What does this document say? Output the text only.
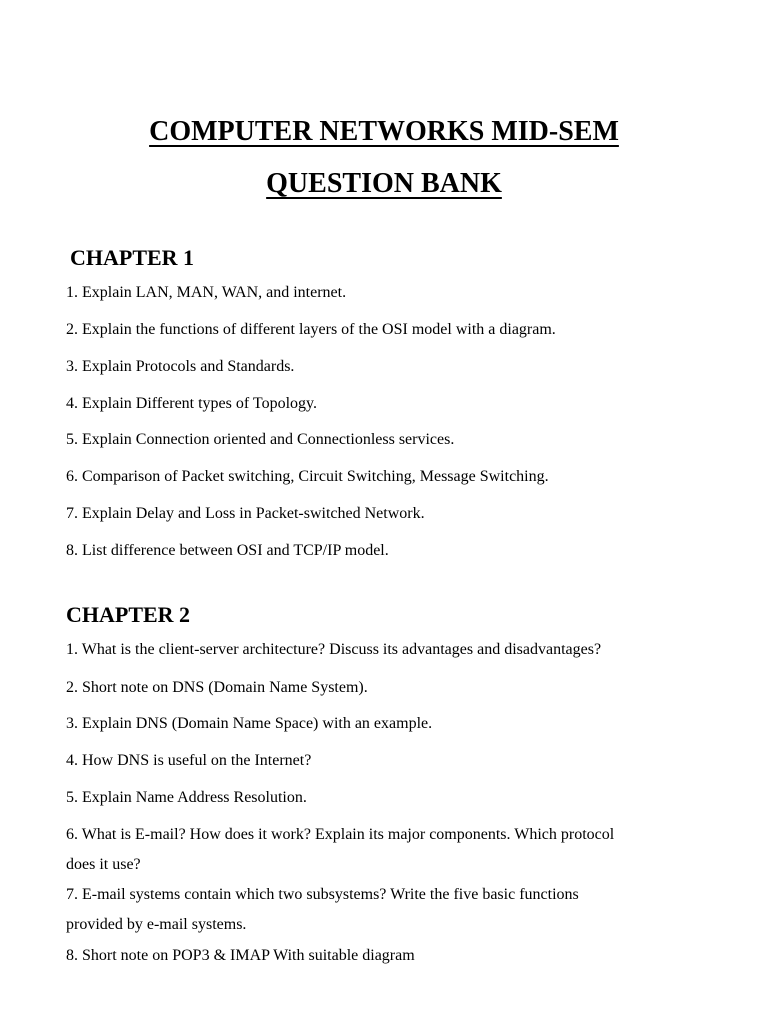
COMPUTER NETWORKS MID-SEM
QUESTION BANK
CHAPTER 1

1. Explain LAN, MAN, WAN, and internet.

2. Explain the functions of different layers of the OSI model with a diagram.

3. Explain Protocols and Standards.

4. Explain Different types of Topology.

5. Explain Connection oriented and Connectionless services.

6. Comparison of Packet switching, Circuit Switching, Message Switching.

7. Explain Delay and Loss in Packet-switched Network.

8. List difference between OSI and TCP/IP model.

CHAPTER 2

1. What is the client-server architecture? Discuss its advantages and disadvantages?

2. Short note on DNS (Domain Name System).

3. Explain DNS (Domain Name Space) with an example.

4. How DNS is useful on the Internet?

5. Explain Name Address Resolution.

6. What is E-mail? How does it work? Explain its major components. Which protocol

does it use?

7. E-mail systems contain which two subsystems? Write the five basic functions

provided by e-mail systems.

8. Short note on POP3 & IMAP With suitable diagram
